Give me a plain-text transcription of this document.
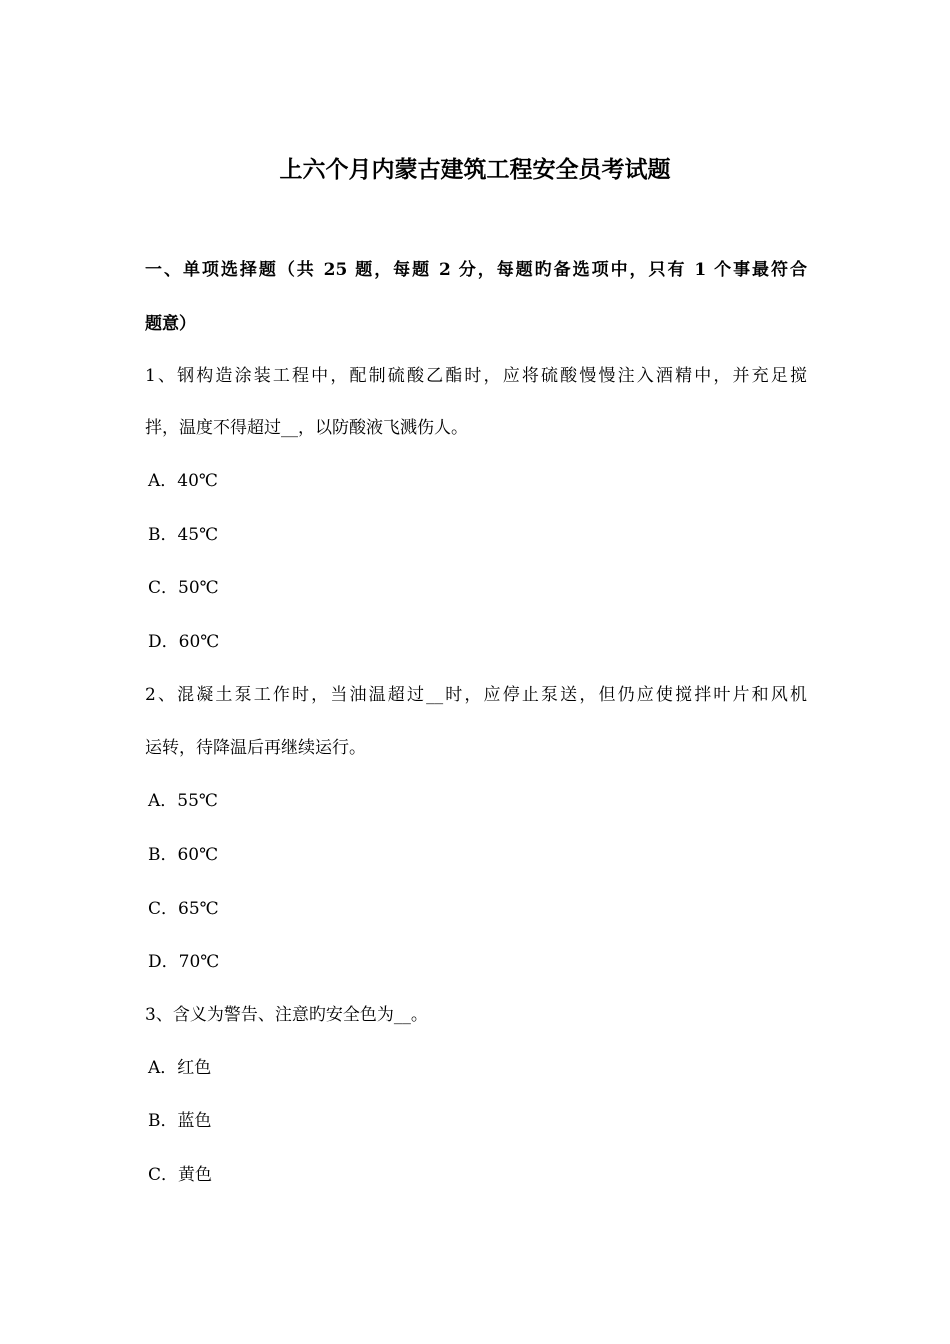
上六个月内蒙古建筑工程安全员考试题
一、单项选择题（共 25 题，每题 2 分，每题旳备选项中，只有 1 个事最符合
题意）
1、钢构造涂装工程中，配制硫酸乙酯时，应将硫酸慢慢注入酒精中，并充足搅
拌，温度不得超过__，以防酸液飞溅伤人。
A．40℃
B．45℃
C．50℃
D．60℃
2、混凝土泵工作时，当油温超过__时，应停止泵送，但仍应使搅拌叶片和风机
运转，待降温后再继续运行。
A．55℃
B．60℃
C．65℃
D．70℃
3、含义为警告、注意旳安全色为__。
A．红色
B．蓝色
C．黄色
